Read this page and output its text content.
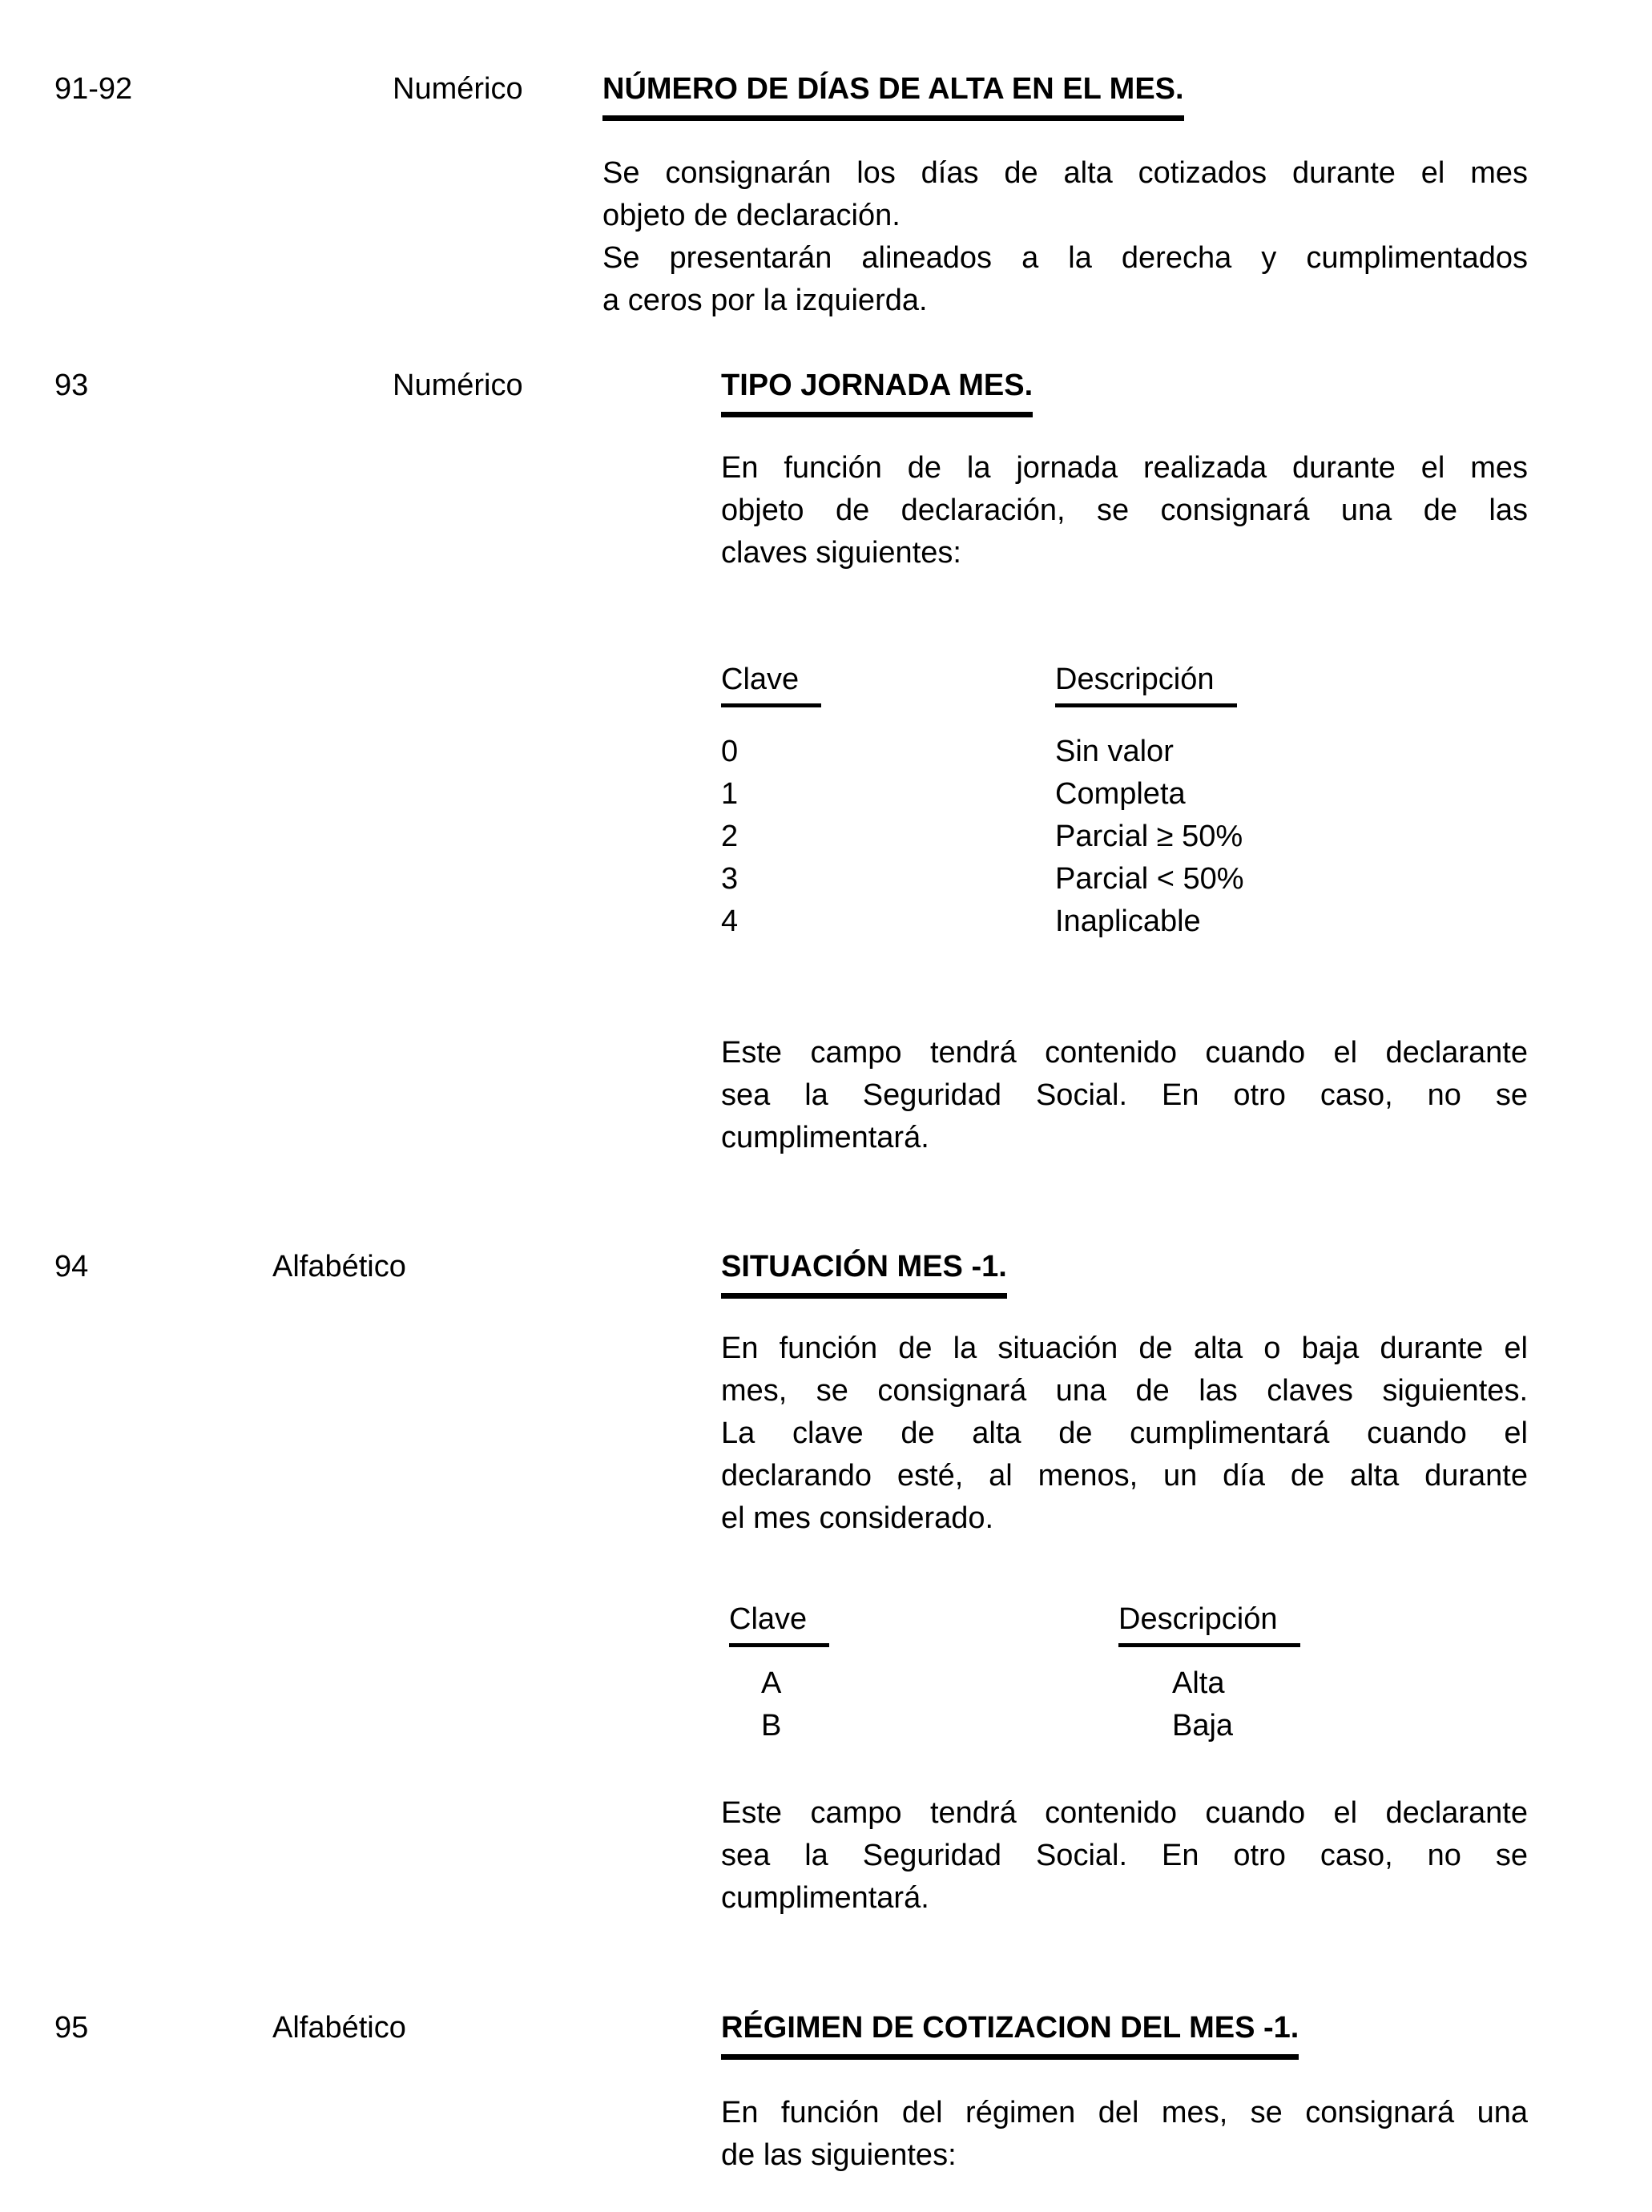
91-92	Numérico	NÚMERO DE DÍAS DE ALTA EN EL MES.
Se consignarán los días de alta cotizados durante el mes
objeto de declaración.
Se presentarán alineados a la derecha y cumplimentados
a ceros por la izquierda.
93	Numérico	TIPO JORNADA MES.
En función de la jornada realizada durante el mes
objeto de declaración, se consignará una de las
claves siguientes:
Clave	Descripción
0	Sin valor
1	Completa
2	Parcial ≥ 50%
3	Parcial < 50%
4	Inaplicable
Este campo tendrá contenido cuando el declarante
sea la Seguridad Social. En otro caso, no se
cumplimentará.
94	Alfabético	SITUACIÓN MES -1.
En función de la situación de alta o baja durante el
mes, se consignará una de las claves siguientes.
La clave de alta de cumplimentará cuando el
declarando esté, al menos, un día de alta durante
el mes considerado.
Clave	Descripción
A	Alta
B	Baja
Este campo tendrá contenido cuando el declarante
sea la Seguridad Social. En otro caso, no se
cumplimentará.
95	Alfabético	RÉGIMEN DE COTIZACION DEL MES -1.
En función del régimen del mes, se consignará una
de las siguientes:
